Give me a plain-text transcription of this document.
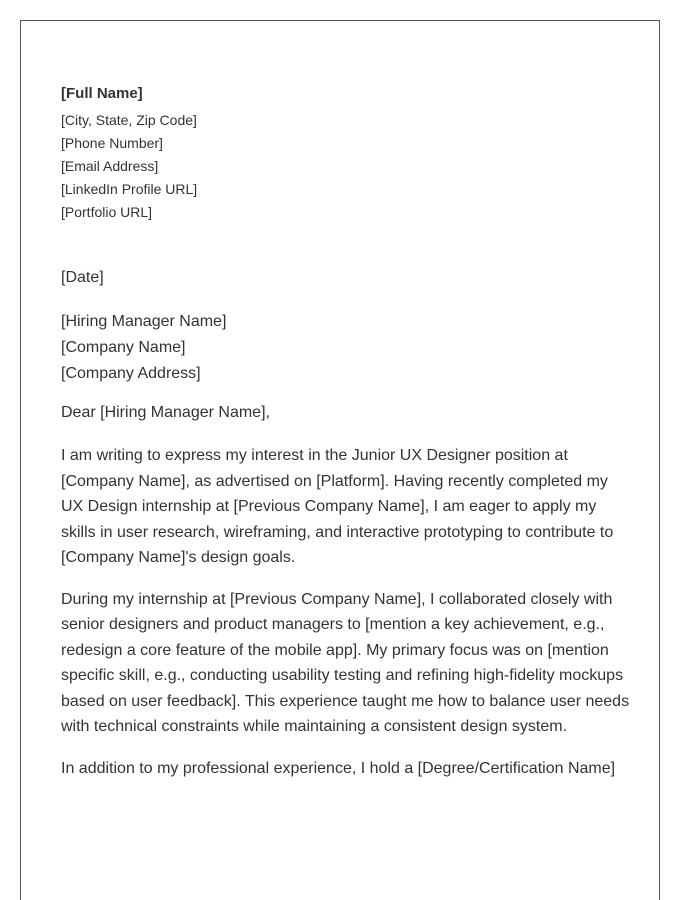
[Full Name]
[City, State, Zip Code]
[Phone Number]
[Email Address]
[LinkedIn Profile URL]
[Portfolio URL]
[Date]
[Hiring Manager Name]
[Company Name]
[Company Address]
Dear [Hiring Manager Name],

I am writing to express my interest in the Junior UX Designer position at [Company Name], as advertised on [Platform]. Having recently completed my UX Design internship at [Previous Company Name], I am eager to apply my skills in user research, wireframing, and interactive prototyping to contribute to [Company Name]'s design goals.

During my internship at [Previous Company Name], I collaborated closely with senior designers and product managers to [mention a key achievement, e.g., redesign a core feature of the mobile app]. My primary focus was on [mention specific skill, e.g., conducting usability testing and refining high-fidelity mockups based on user feedback]. This experience taught me how to balance user needs with technical constraints while maintaining a consistent design system.

In addition to my professional experience, I hold a [Degree/Certification Name]
